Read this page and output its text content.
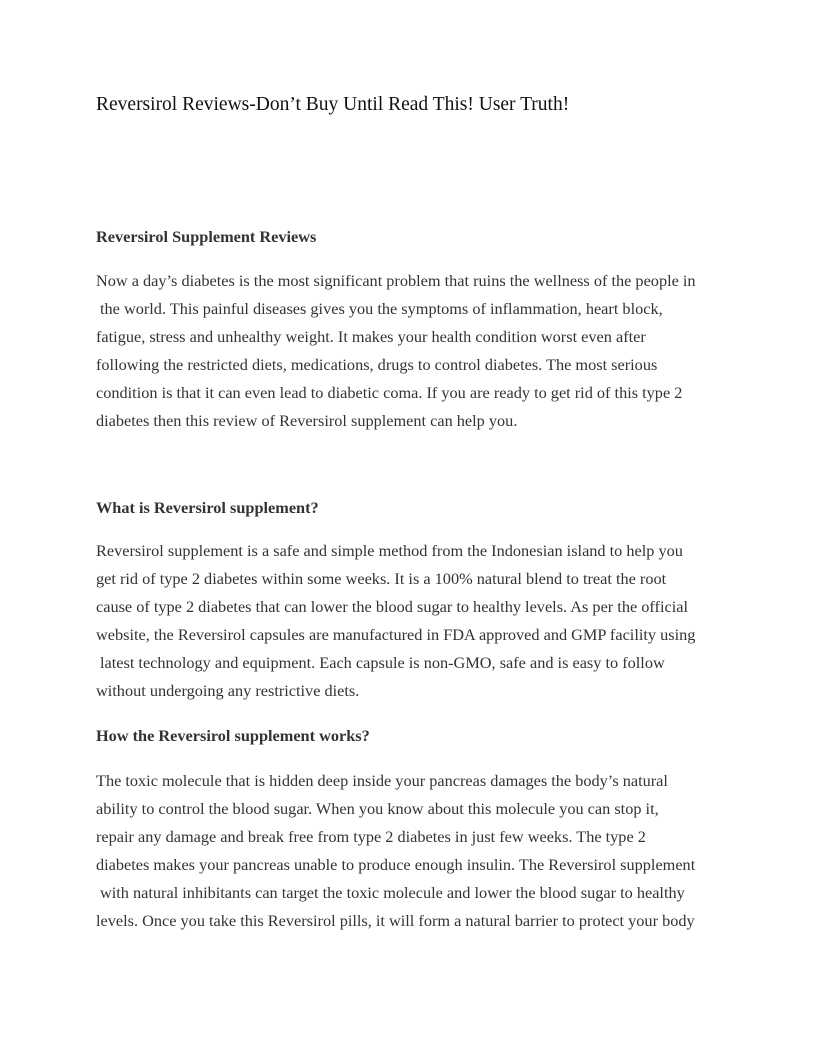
Reversirol Reviews-Don’t Buy Until Read This! User Truth!
Reversirol Supplement Reviews
Now a day’s diabetes is the most significant problem that ruins the wellness of the people in
the world. This painful diseases gives you the symptoms of inflammation, heart block,
fatigue, stress and unhealthy weight. It makes your health condition worst even after
following the restricted diets, medications, drugs to control diabetes. The most serious
condition is that it can even lead to diabetic coma. If you are ready to get rid of this type 2
diabetes then this review of Reversirol supplement can help you.
What is Reversirol supplement?
Reversirol supplement is a safe and simple method from the Indonesian island to help you
get rid of type 2 diabetes within some weeks. It is a 100% natural blend to treat the root
cause of type 2 diabetes that can lower the blood sugar to healthy levels. As per the official
website, the Reversirol capsules are manufactured in FDA approved and GMP facility using
latest technology and equipment. Each capsule is non-GMO, safe and is easy to follow
without undergoing any restrictive diets.
How the Reversirol supplement works?
The toxic molecule that is hidden deep inside your pancreas damages the body’s natural
ability to control the blood sugar. When you know about this molecule you can stop it,
repair any damage and break free from type 2 diabetes in just few weeks. The type 2
diabetes makes your pancreas unable to produce enough insulin. The Reversirol supplement
with natural inhibitants can target the toxic molecule and lower the blood sugar to healthy
levels. Once you take this Reversirol pills, it will form a natural barrier to protect your body
